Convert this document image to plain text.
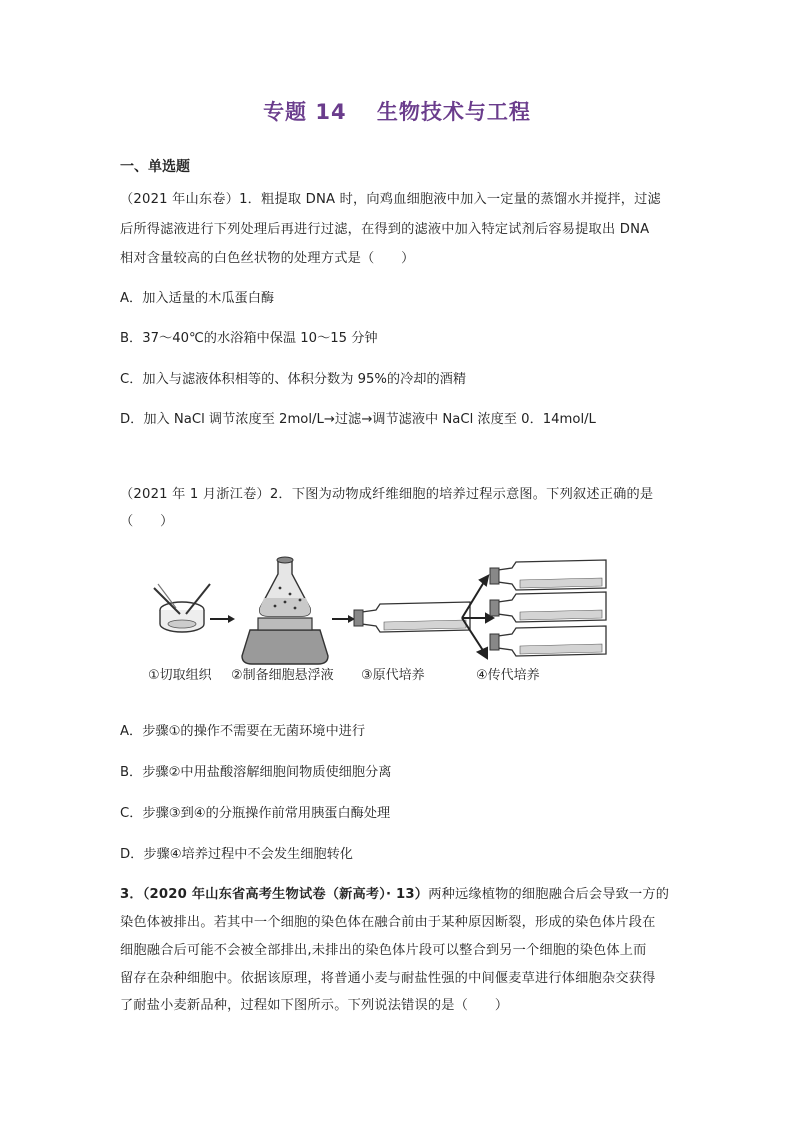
专题 14　 生物技术与工程
一、单选题
（2021 年山东卷）1．粗提取 DNA 时，向鸡血细胞液中加入一定量的蒸馏水并搅拌，过滤
后所得滤液进行下列处理后再进行过滤，在得到的滤液中加入特定试剂后容易提取出 DNA
相对含量较高的白色丝状物的处理方式是（　　）
A．加入适量的木瓜蛋白酶
B．37～40℃的水浴箱中保温 10～15 分钟
C．加入与滤液体积相等的、体积分数为 95%的冷却的酒精
D．加入 NaCl 调节浓度至 2mol/L→过滤→调节滤液中 NaCl 浓度至 0．14mol/L
（2021 年 1 月浙江卷）2．下图为动物成纤维细胞的培养过程示意图。下列叙述正确的是
（　　）
①切取组织 ②制备细胞悬浮液 ③原代培养	④传代培养
A．步骤①的操作不需要在无菌环境中进行
B．步骤②中用盐酸溶解细胞间物质使细胞分离
C．步骤③到④的分瓶操作前常用胰蛋白酶处理
D．步骤④培养过程中不会发生细胞转化
3．（2020 年山东省高考生物试卷（新高考）· 13）两种远缘植物的细胞融合后会导致一方的
染色体被排出。若其中一个细胞的染色体在融合前由于某种原因断裂，形成的染色体片段在
细胞融合后可能不会被全部排出,未排出的染色体片段可以整合到另一个细胞的染色体上而
留存在杂种细胞中。依据该原理，将普通小麦与耐盐性强的中间偃麦草进行体细胞杂交获得
了耐盐小麦新品种，过程如下图所示。下列说法错误的是（　　）
